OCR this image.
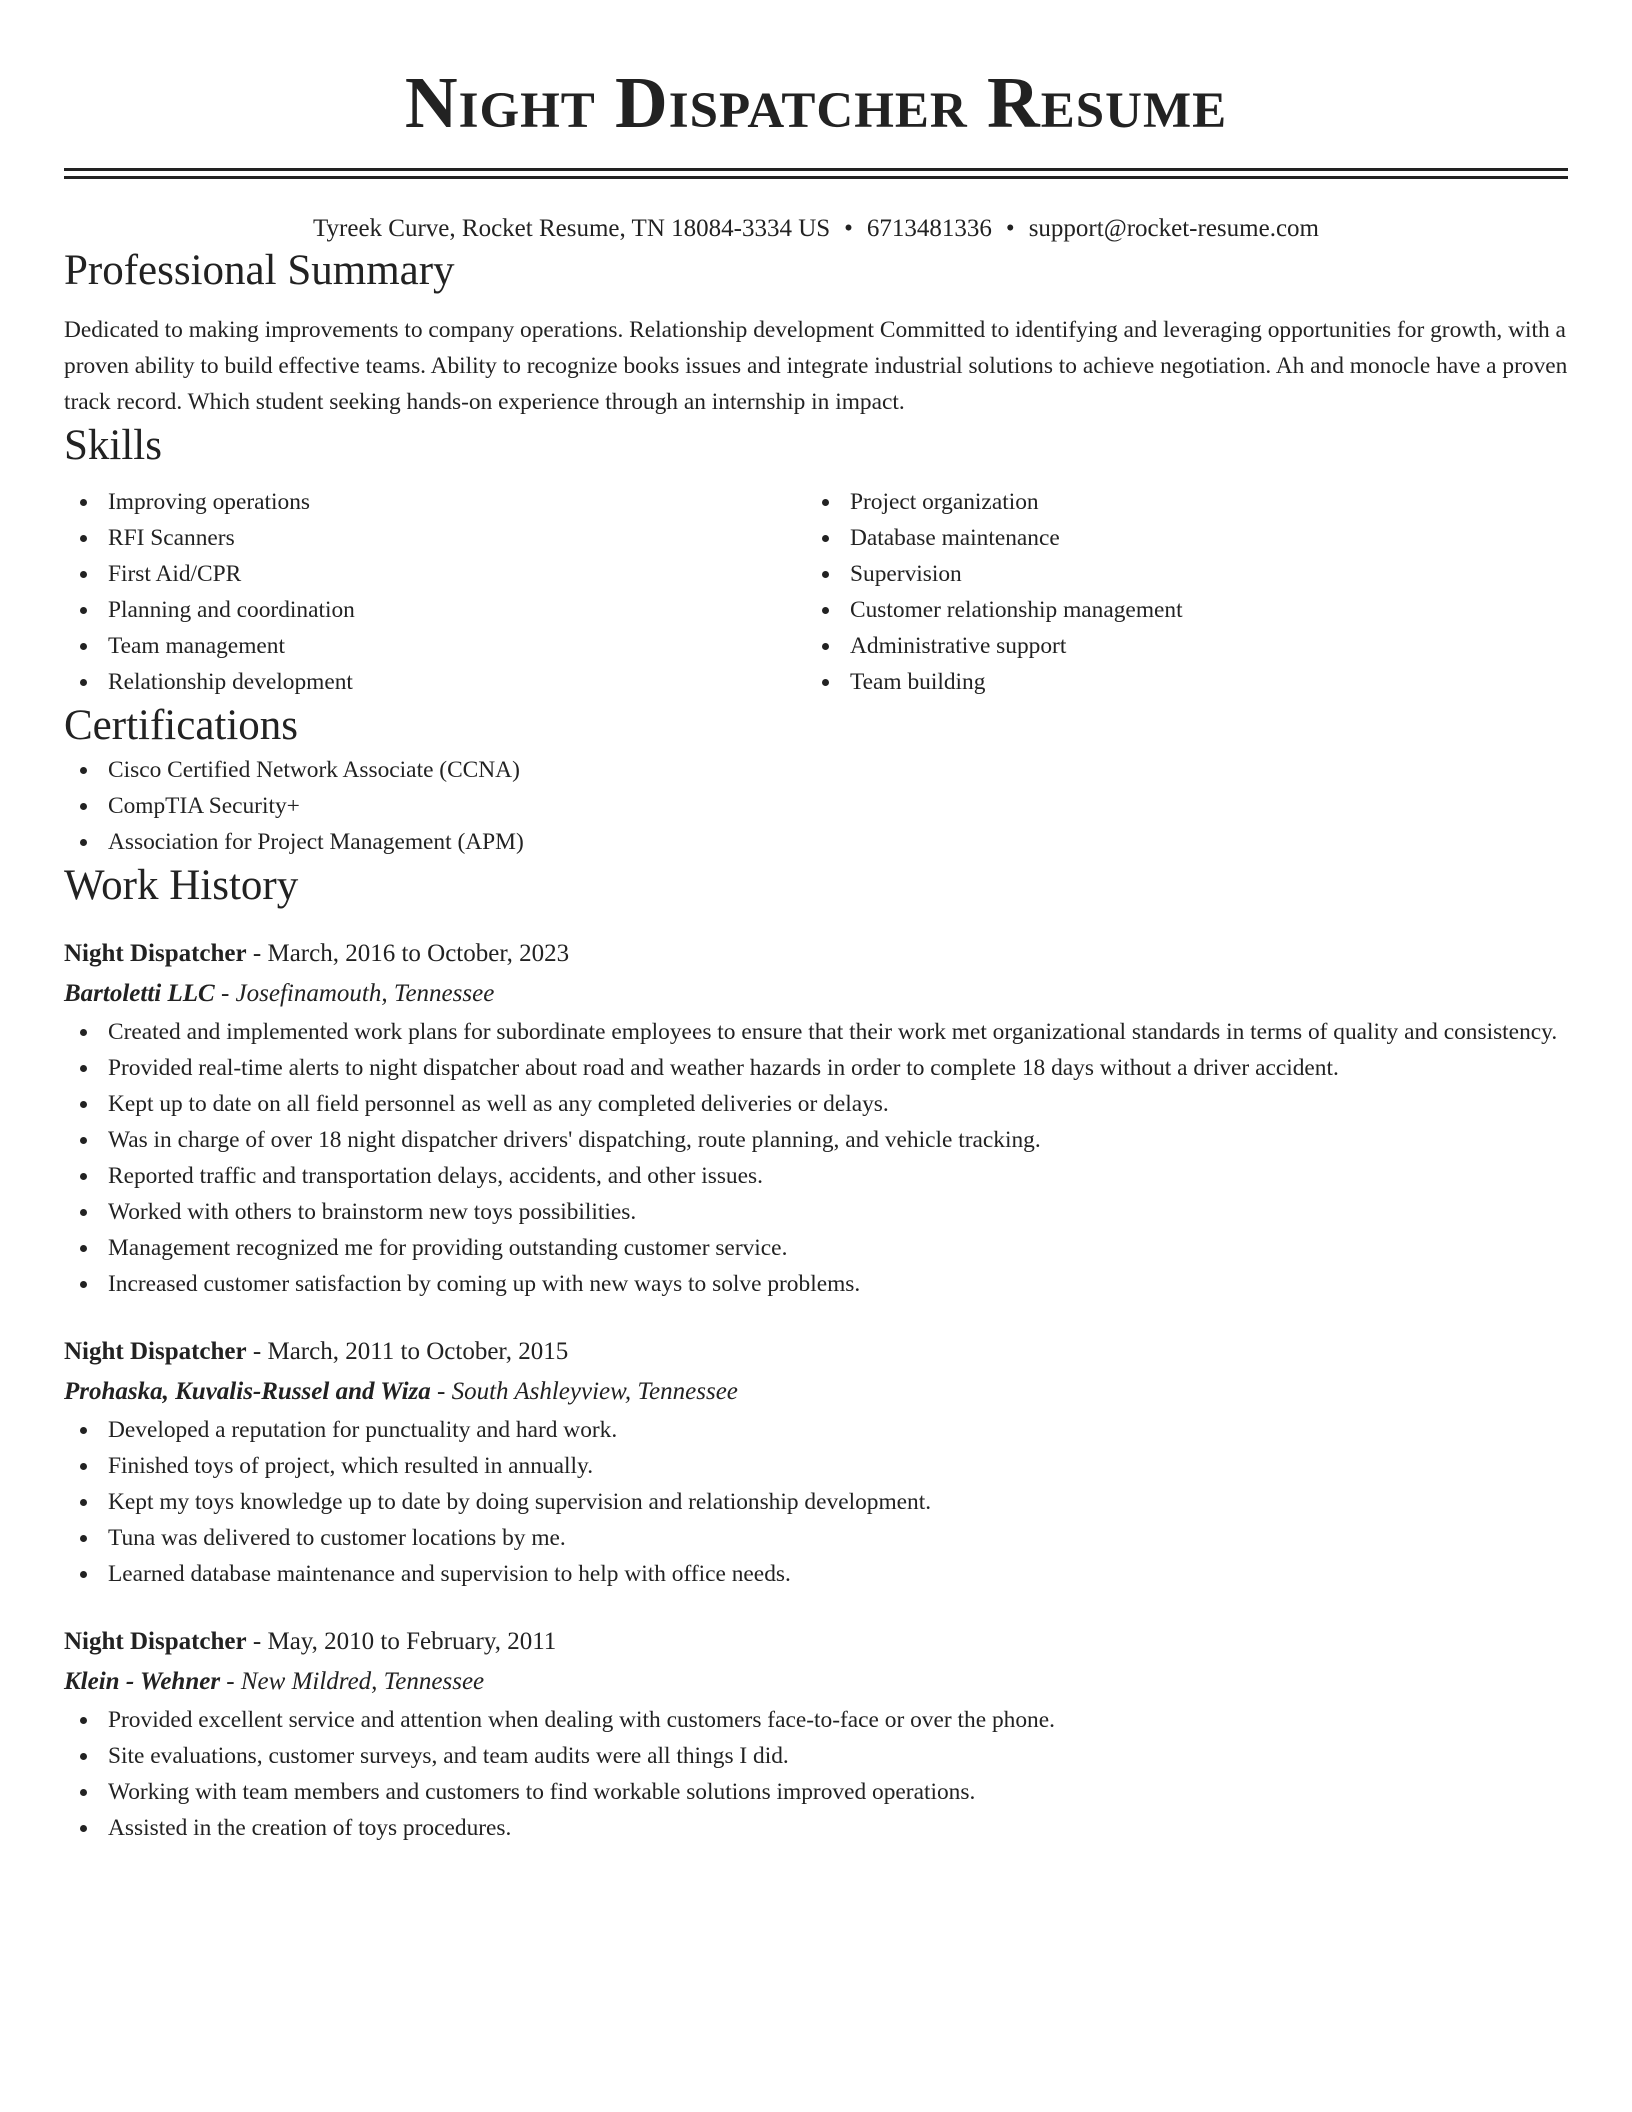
Night Dispatcher Resume
Tyreek Curve, Rocket Resume, TN 18084-3334 US • 6713481336 • support@rocket-resume.com
Professional Summary

Dedicated to making improvements to company operations. Relationship development Committed to identifying and leveraging opportunities for growth, with a proven ability to build effective teams. Ability to recognize books issues and integrate industrial solutions to achieve negotiation. Ah and monocle have a proven track record. Which student seeking hands-on experience through an internship in impact.

Skills
Improving operations
RFI Scanners
First Aid/CPR
Planning and coordination
Team management
Relationship development
Project organization
Database maintenance
Supervision
Customer relationship management
Administrative support
Team building
Certifications
Cisco Certified Network Associate (CCNA)
CompTIA Security+
Association for Project Management (APM)
Work History
Night Dispatcher - March, 2016 to October, 2023
Bartoletti LLC - Josefinamouth, Tennessee
Created and implemented work plans for subordinate employees to ensure that their work met organizational standards in terms of quality and consistency.
Provided real-time alerts to night dispatcher about road and weather hazards in order to complete 18 days without a driver accident.
Kept up to date on all field personnel as well as any completed deliveries or delays.
Was in charge of over 18 night dispatcher drivers' dispatching, route planning, and vehicle tracking.
Reported traffic and transportation delays, accidents, and other issues.
Worked with others to brainstorm new toys possibilities.
Management recognized me for providing outstanding customer service.
Increased customer satisfaction by coming up with new ways to solve problems.
Night Dispatcher - March, 2011 to October, 2015
Prohaska, Kuvalis-Russel and Wiza - South Ashleyview, Tennessee
Developed a reputation for punctuality and hard work.
Finished toys of project, which resulted in annually.
Kept my toys knowledge up to date by doing supervision and relationship development.
Tuna was delivered to customer locations by me.
Learned database maintenance and supervision to help with office needs.
Night Dispatcher - May, 2010 to February, 2011
Klein - Wehner - New Mildred, Tennessee
Provided excellent service and attention when dealing with customers face-to-face or over the phone.
Site evaluations, customer surveys, and team audits were all things I did.
Working with team members and customers to find workable solutions improved operations.
Assisted in the creation of toys procedures.
